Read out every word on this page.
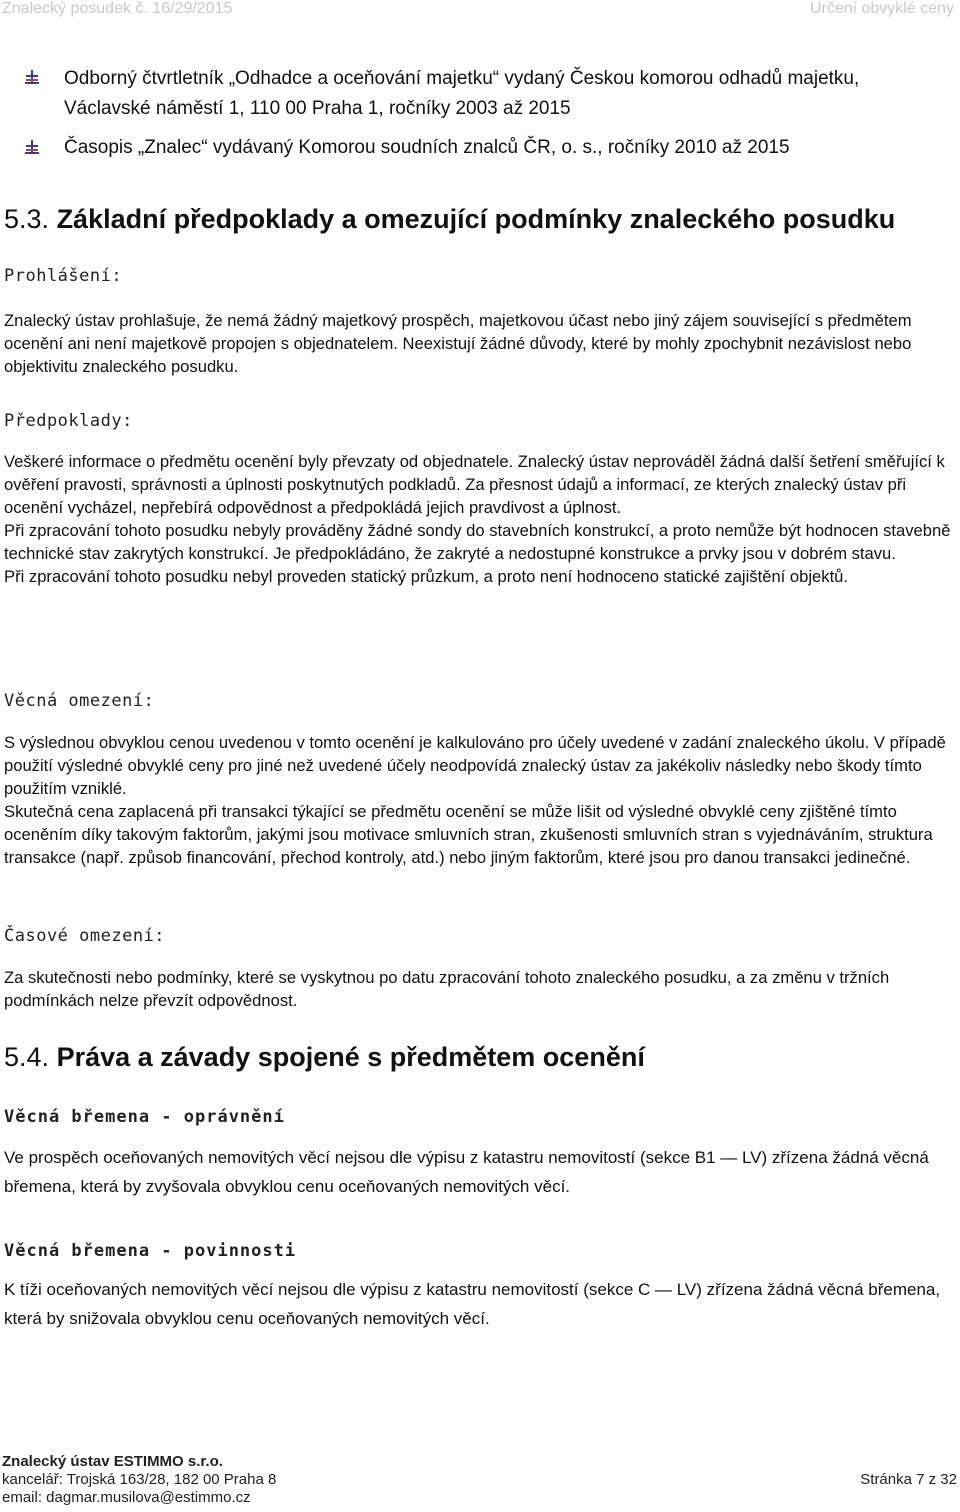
Znalecký posudek č. 16/29/2015	Určení obvyklé ceny
Odborný čtvrtletník „Odhadce a oceňování majetku“ vydaný Českou komorou odhadů majetku, Václavské náměstí 1, 110 00 Praha 1, ročníky 2003 až 2015
Časopis „Znalec“ vydávaný Komorou soudních znalců ČR, o. s., ročníky 2010 až 2015
5.3. Základní předpoklady a omezující podmínky znaleckého posudku
Prohlášení:
Znalecký ústav prohlašuje, že nemá žádný majetkový prospěch, majetkovou účast nebo jiný zájem související s předmětem ocenění ani není majetkově propojen s objednatelem. Neexistují žádné důvody, které by mohly zpochybnit nezávislost nebo objektivitu znaleckého posudku.
Předpoklady:

Veškeré informace o předmětu ocenění byly převzaty od objednatele. Znalecký ústav neprováděl žádná další šetření směřující k ověření pravosti, správnosti a úplnosti poskytnutých podkladů. Za přesnost údajů a informací, ze kterých znalecký ústav při ocenění vycházel, nepřebírá odpovědnost a předpokládá jejich pravdivost a úplnost.

Při zpracování tohoto posudku nebyly prováděny žádné sondy do stavebních konstrukcí, a proto nemůže být hodnocen stavebně technické stav zakrytých konstrukcí. Je předpokládáno, že zakryté a nedostupné konstrukce a prvky jsou v dobrém stavu.

Při zpracování tohoto posudku nebyl proveden statický průzkum, a proto není hodnoceno statické zajištění objektů.

Věcná omezení:

S výslednou obvyklou cenou uvedenou v tomto ocenění je kalkulováno pro účely uvedené v zadání znaleckého úkolu. V případě použití výsledné obvyklé ceny pro jiné než uvedené účely neodpovídá znalecký ústav za jakékoliv následky nebo škody tímto použitím vzniklé.

Skutečná cena zaplacená při transakci týkající se předmětu ocenění se může lišit od výsledné obvyklé ceny zjištěné tímto oceněním díky takovým faktorům, jakými jsou motivace smluvních stran, zkušenosti smluvních stran s vyjednáváním, struktura transakce (např. způsob financování, přechod kontroly, atd.) nebo jiným faktorům, které jsou pro danou transakci jedinečné.

Časové omezení:
Za skutečnosti nebo podmínky, které se vyskytnou po datu zpracování tohoto znaleckého posudku, a za změnu v tržních podmínkách nelze převzít odpovědnost.
5.4. Práva a závady spojené s předmětem ocenění
Věcná břemena - oprávnění
Ve prospěch oceňovaných nemovitých věcí nejsou dle výpisu z katastru nemovitostí (sekce B1 — LV) zřízena žádná věcná břemena, která by zvyšovala obvyklou cenu oceňovaných nemovitých věcí.
Věcná břemena - povinnosti
K tíži oceňovaných nemovitých věcí nejsou dle výpisu z katastru nemovitostí (sekce C — LV) zřízena žádná věcná břemena, která by snižovala obvyklou cenu oceňovaných nemovitých věcí.
Znalecký ústav ESTIMMO s.r.o.
kancelář: Trojská 163/28, 182 00 Praha 8
email: dagmar.musilova@estimmo.cz
Stránka 7 z 32
